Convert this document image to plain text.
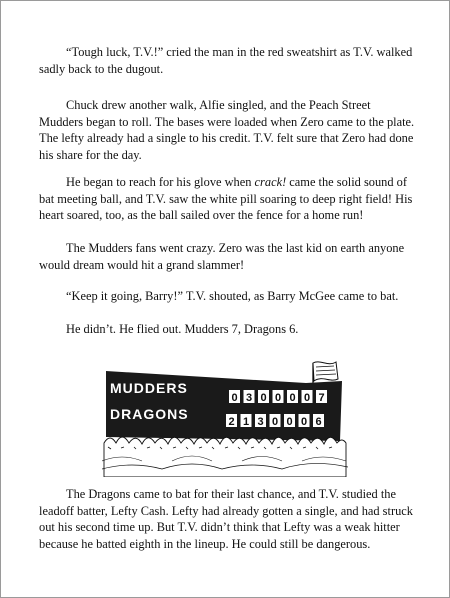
“Tough luck, T.V.!” cried the man in the red sweatshirt as T.V. walked sadly back to the dugout.

Chuck drew another walk, Alfie singled, and the Peach Street Mudders began to roll. The bases were loaded when Zero came to the plate. The lefty already had a single to his credit. T.V. felt sure that Zero had done his share for the day.

He began to reach for his glove when crack! came the solid sound of bat meeting ball, and T.V. saw the white pill soaring to deep right field! His heart soared, too, as the ball sailed over the fence for a home run!

The Mudders fans went crazy. Zero was the last kid on earth anyone would dream would hit a grand slammer!

“Keep it going, Barry!” T.V. shouted, as Barry McGee came to bat.

He didn’t. He flied out. Mudders 7, Dragons 6.

MUDDERS
DRAGONS
0 3 0 0 0 0 7
2 1 3 0 0 0 6

The Dragons came to bat for their last chance, and T.V. studied the leadoff batter, Lefty Cash. Lefty had already gotten a single, and had struck out his second time up. But T.V. didn’t think that Lefty was a weak hitter because he batted eighth in the lineup. He could still be dangerous.
